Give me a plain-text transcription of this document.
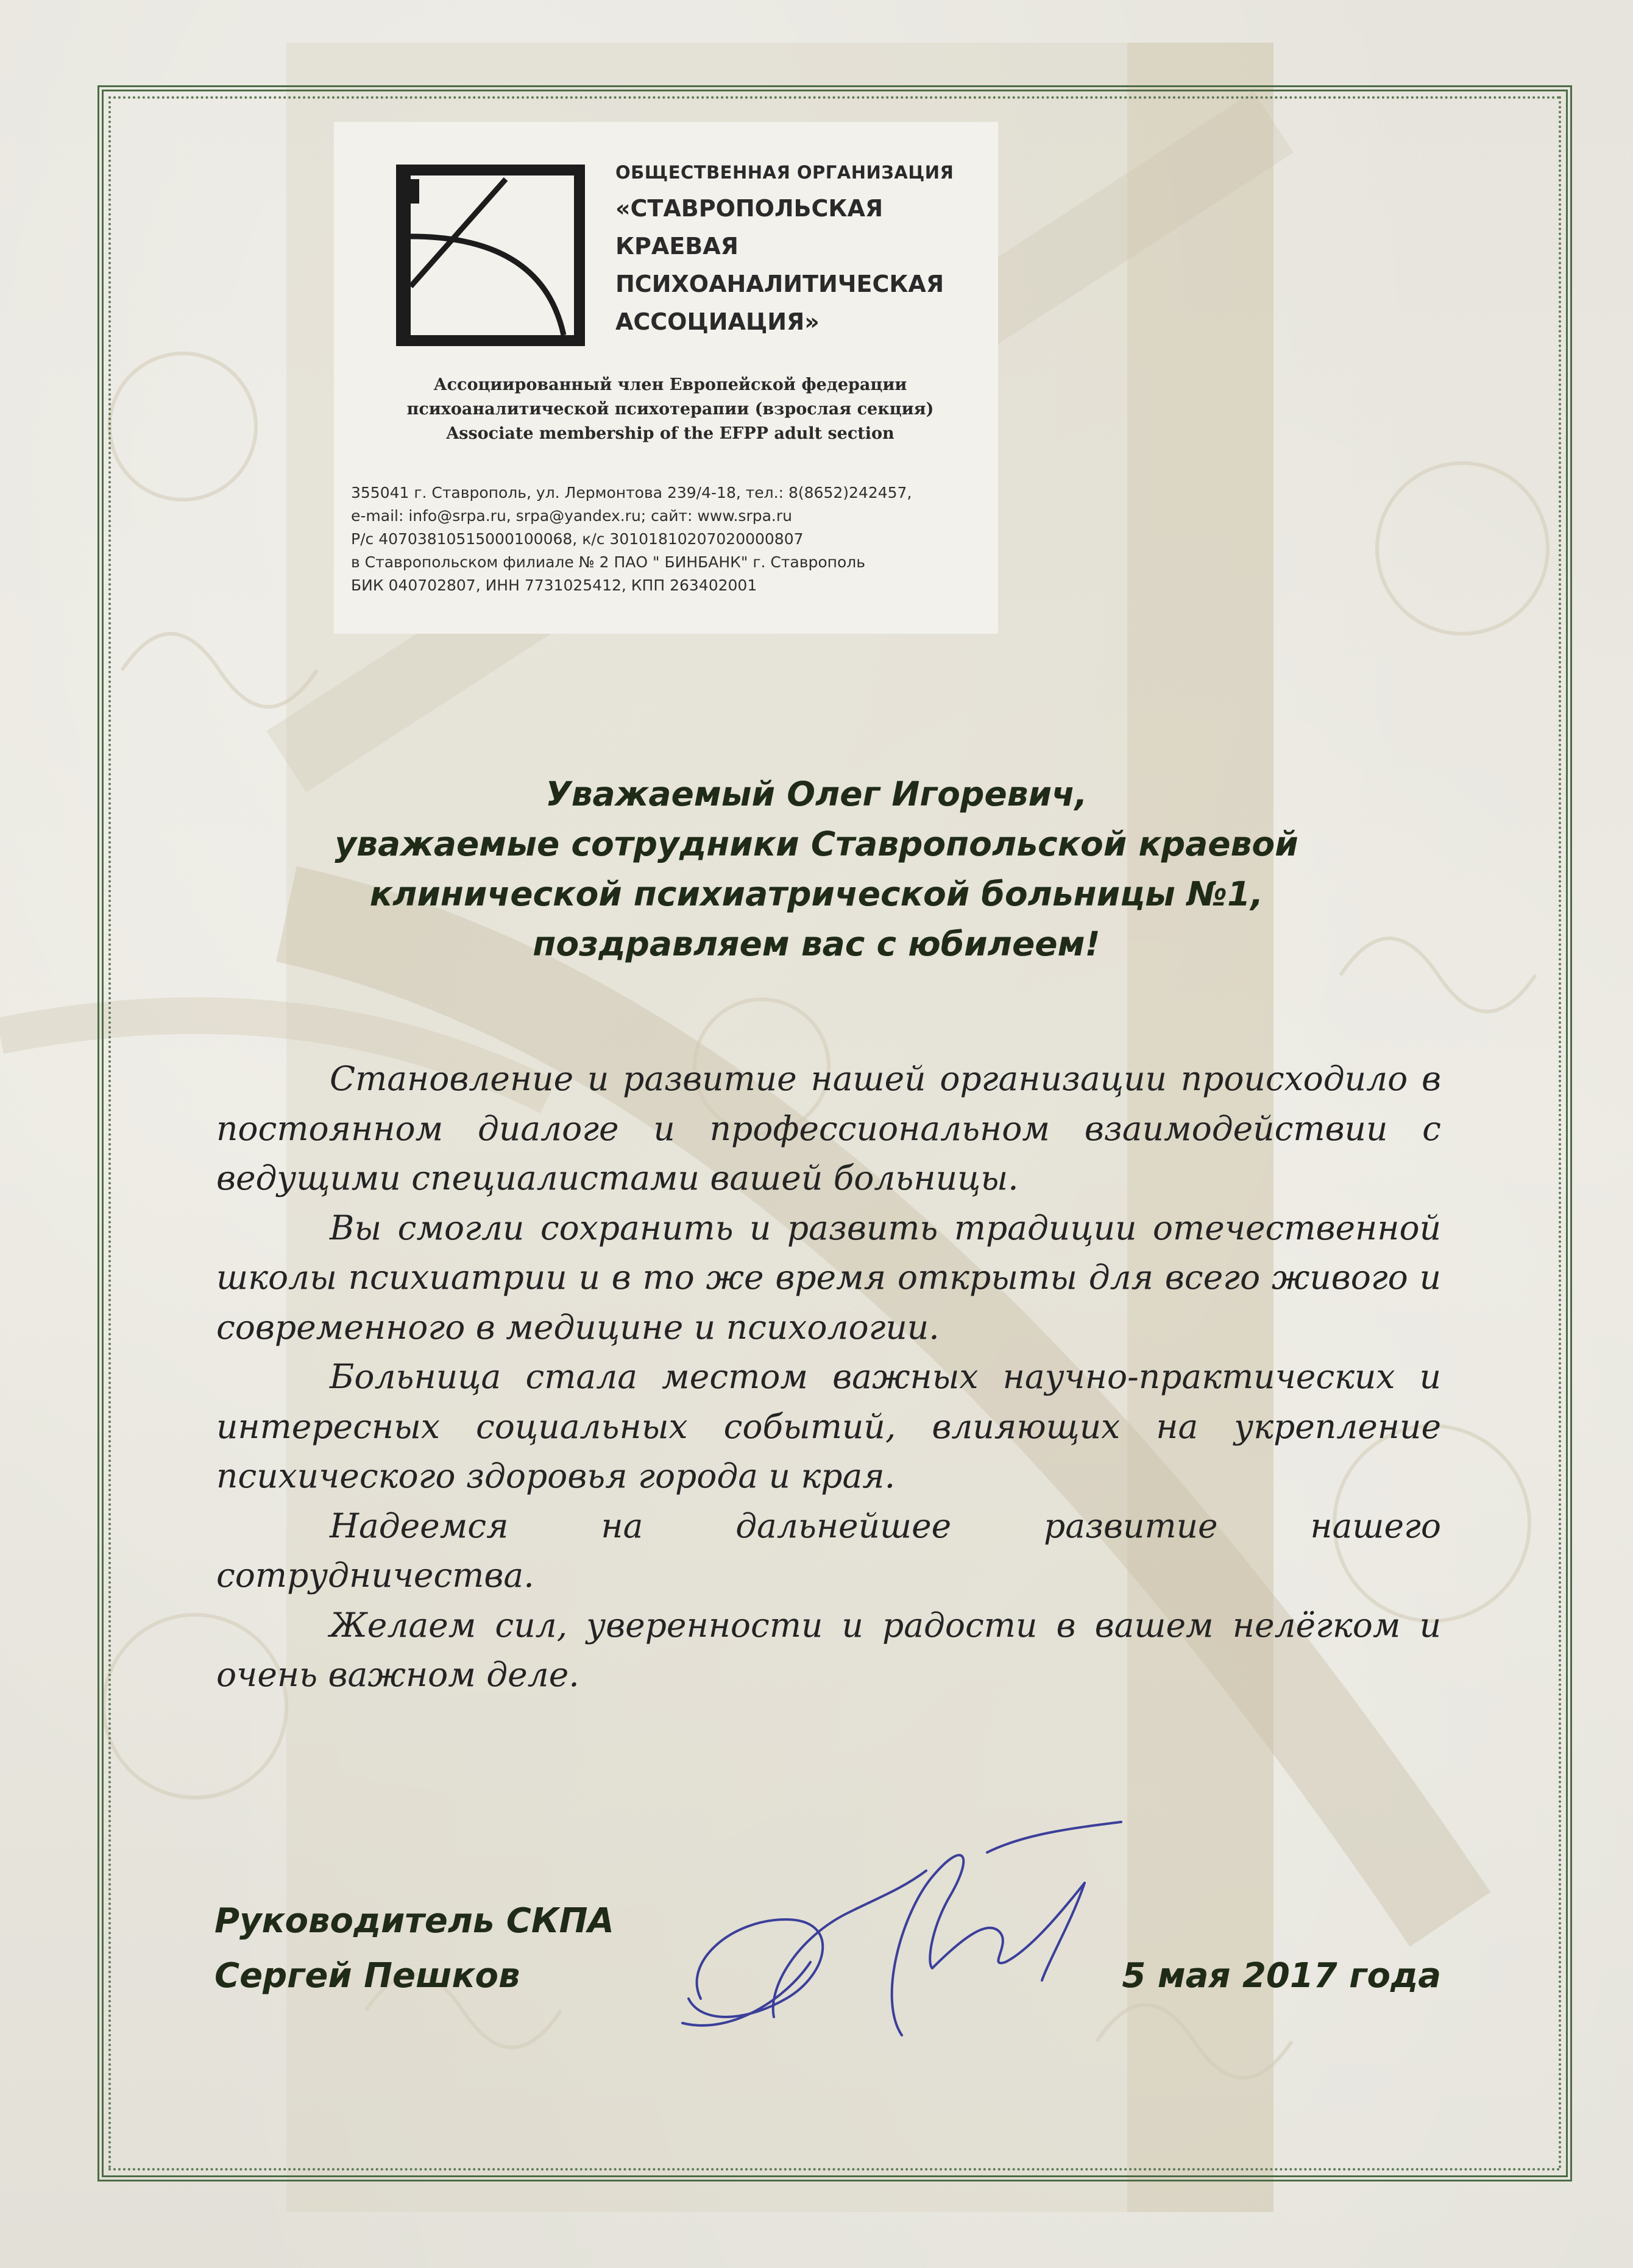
ОБЩЕСТВЕННАЯ ОРГАНИЗАЦИЯ
«СТАВРОПОЛЬСКАЯ
КРАЕВАЯ
ПСИХОАНАЛИТИЧЕСКАЯ
АССОЦИАЦИЯ»
Ассоциированный член Европейской федерации
психоаналитической психотерапии (взрослая секция)
Associate membership of the EFPP adult section
355041 г. Ставрополь, ул. Лермонтова 239/4-18, тел.: 8(8652)242457,
e-mail: info@srpa.ru, srpa@yandex.ru; сайт: www.srpa.ru
Р/с 40703810515000100068, к/с 30101810207020000807
в Ставропольском филиале № 2 ПАО " БИНБАНК" г. Ставрополь
БИК 040702807, ИНН 7731025412, КПП 263402001
Уважаемый Олег Игоревич,
уважаемые сотрудники Ставропольской краевой
клинической психиатрической больницы №1,
поздравляем вас с юбилеем!

Становление и развитие нашей организации происходило в постоянном диалоге и профессиональном взаимодействии с ведущими специалистами вашей больницы.

Вы смогли сохранить и развить традиции отечественной школы психиатрии и в то же время открыты для всего живого и современного в медицине и психологии.

Больница стала местом важных научно-практических и интересных социальных событий, влияющих на укрепление психического здоровья города и края.

Надеемся на дальнейшее развитие нашего сотрудничества.

Желаем сил, уверенности и радости в вашем нелёгком и очень важном деле.

Руководитель СКПА
Сергей Пешков	5 мая 2017 года
